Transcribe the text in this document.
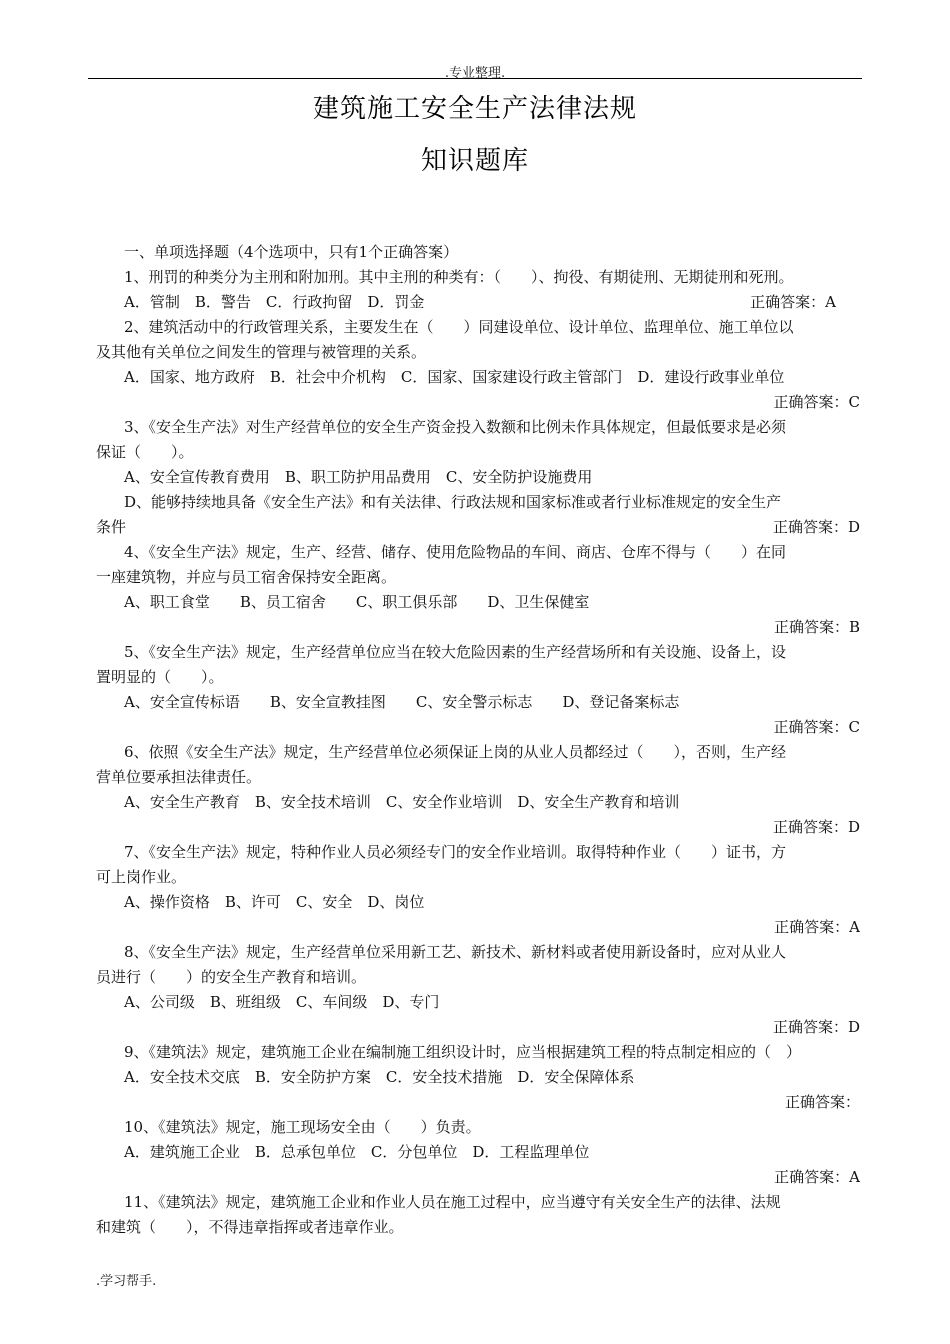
.专业整理.
建筑施工安全生产法律法规
知识题库
一、单项选择题（4个选项中，只有1个正确答案）
1、刑罚的种类分为主刑和附加刑。其中主刑的种类有：（　　）、拘役、有期徒刑、无期徒刑和死刑。
A．管制　B．警告　C．行政拘留　D．罚金	正确答案：A
2、建筑活动中的行政管理关系，主要发生在（　　）同建设单位、设计单位、监理单位、施工单位以
及其他有关单位之间发生的管理与被管理的关系。
A．国家、地方政府　B．社会中介机构　C．国家、国家建设行政主管部门　D．建设行政事业单位
正确答案：C
3、《安全生产法》对生产经营单位的安全生产资金投入数额和比例未作具体规定，但最低要求是必须
保证（　　）。
A、安全宣传教育费用　B、职工防护用品费用　C、安全防护设施费用
D、能够持续地具备《安全生产法》和有关法律、行政法规和国家标准或者行业标准规定的安全生产
条件	正确答案：D
4、《安全生产法》规定，生产、经营、储存、使用危险物品的车间、商店、仓库不得与（　　）在同
一座建筑物，并应与员工宿舍保持安全距离。
A、职工食堂　　B、员工宿舍　　C、职工俱乐部　　D、卫生保健室
正确答案：B
5、《安全生产法》规定，生产经营单位应当在较大危险因素的生产经营场所和有关设施、设备上，设
置明显的（　　）。
A、安全宣传标语　　B、安全宣教挂图　　C、安全警示标志　　D、登记备案标志
正确答案：C
6、依照《安全生产法》规定，生产经营单位必须保证上岗的从业人员都经过（　　），否则，生产经
营单位要承担法律责任。
A、安全生产教育　B、安全技术培训　C、安全作业培训　D、安全生产教育和培训
正确答案：D
7、《安全生产法》规定，特种作业人员必须经专门的安全作业培训。取得特种作业（　　）证书，方
可上岗作业。
A、操作资格　B、许可　C、安全　D、岗位
正确答案：A
8、《安全生产法》规定，生产经营单位采用新工艺、新技术、新材料或者使用新设备时，应对从业人
员进行（　　）的安全生产教育和培训。
A、公司级　B、班组级　C、车间级　D、专门
正确答案：D
9、《建筑法》规定，建筑施工企业在编制施工组织设计时，应当根据建筑工程的特点制定相应的（　）
A．安全技术交底　B．安全防护方案　C．安全技术措施　D．安全保障体系
正确答案：
10、《建筑法》规定，施工现场安全由（　　）负责。
A．建筑施工企业　B．总承包单位　C．分包单位　D．工程监理单位
正确答案：A
11、《建筑法》规定，建筑施工企业和作业人员在施工过程中，应当遵守有关安全生产的法律、法规
和建筑（　　），不得违章指挥或者违章作业。
.学习帮手.
